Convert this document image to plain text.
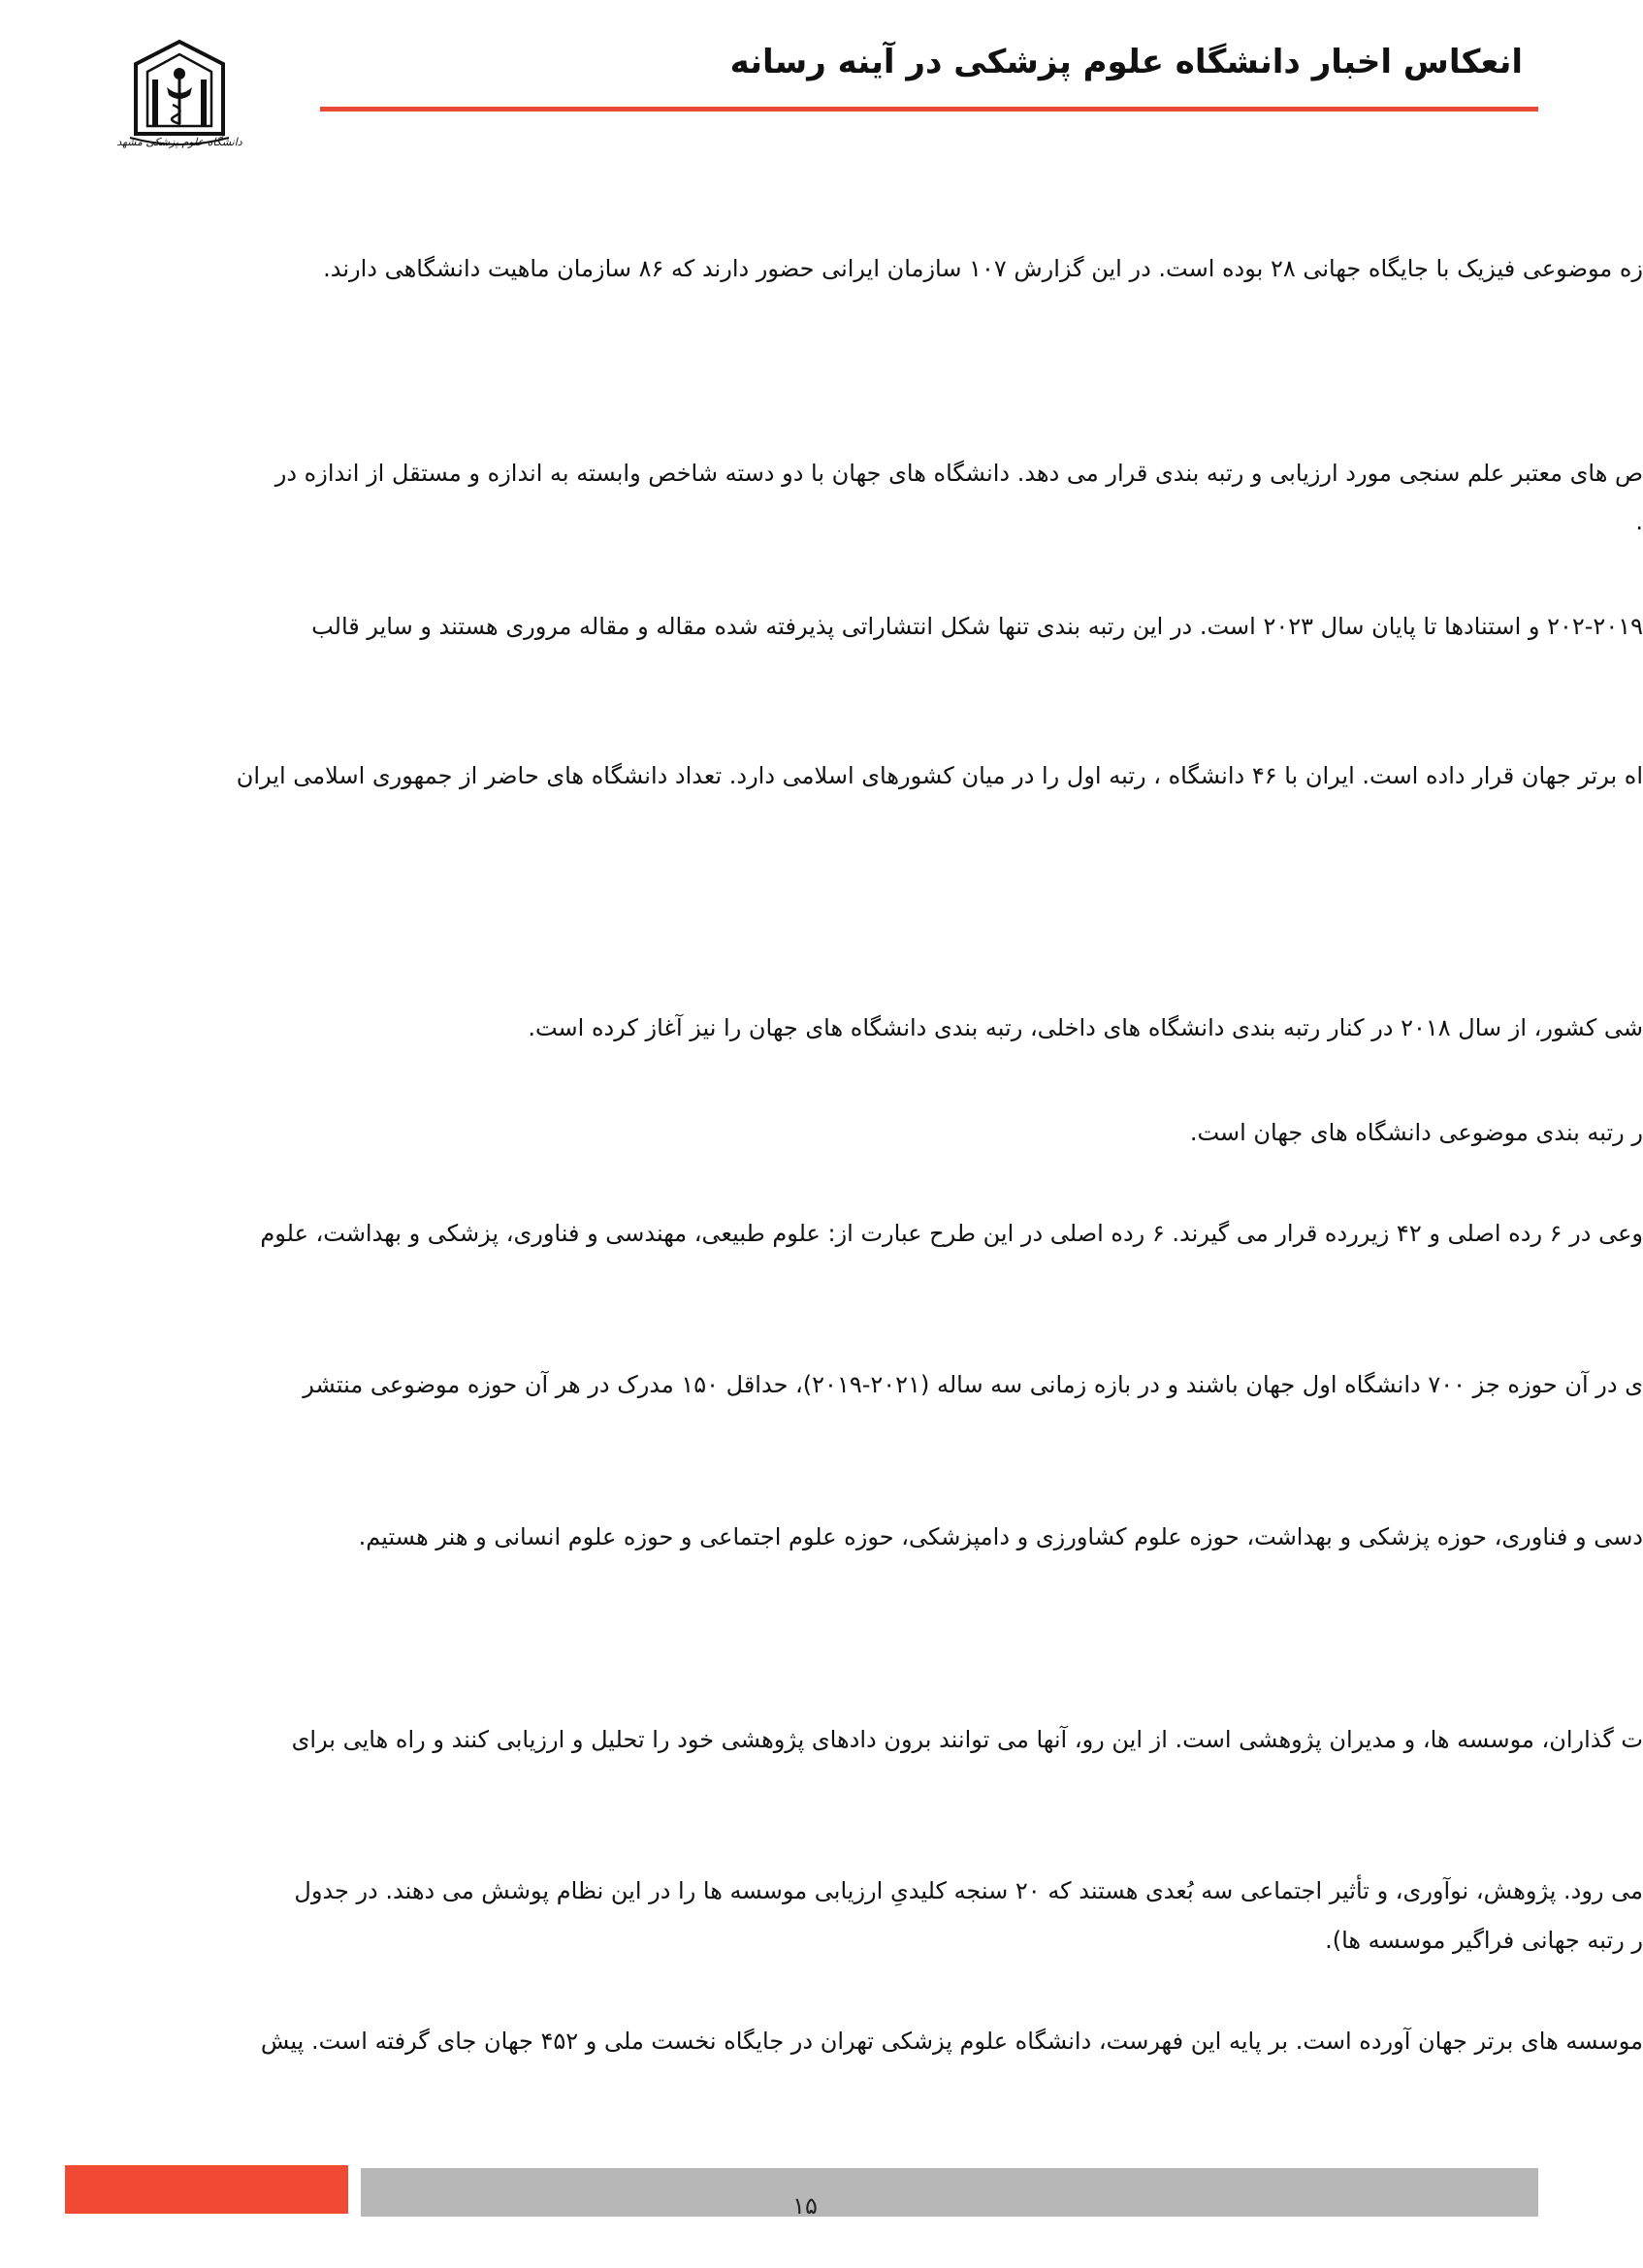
دانشگاه علوم پزشکی مشهد
انعکاس اخبار دانشگاه علوم پزشکی در آینه رسانه
زه موضوعی فیزیک با جایگاه جهانی ۲۸ بوده است. در این گزارش ۱۰۷ سازمان ایرانی حضور دارند که ۸۶ سازمان ماهیت دانشگاهی دارند.
ص های معتبر علم سنجی مورد ارزیابی و رتبه بندی قرار می دهد. دانشگاه های جهان با دو دسته شاخص وابسته به اندازه و مستقل از اندازه در
.
۲۰۲-۲۰۱۹ و استنادها تا پایان سال ۲۰۲۳ است. در این رتبه بندی تنها شکل انتشاراتی پذیرفته شده مقاله و مقاله مروری هستند و سایر قالب
اه برتر جهان قرار داده است. ایران با ۴۶ دانشگاه ، رتبه اول را در میان کشورهای اسلامی دارد. تعداد دانشگاه های حاضر از جمهوری اسلامی ایران
شی کشور، از سال ۲۰۱۸ در کنار رتبه بندی دانشگاه های داخلی، رتبه بندی دانشگاه های جهان را نیز آغاز کرده است.
ر رتبه بندی موضوعی دانشگاه های جهان است.
وعی در ۶ رده اصلی و ۴۲ زیررده قرار می گیرند. ۶ رده اصلی در این طرح عبارت از: علوم طبیعی، مهندسی و فناوری، پزشکی و بهداشت، علوم
ی در آن حوزه جز ۷۰۰ دانشگاه اول جهان باشند و در بازه زمانی سه ساله (۲۰۲۱-۲۰۱۹)، حداقل ۱۵۰ مدرک در هر آن حوزه موضوعی منتشر
دسی و فناوری، حوزه پزشکی و بهداشت، حوزه علوم کشاورزی و دامپزشکی، حوزه علوم اجتماعی و حوزه علوم انسانی و هنر هستیم.
ت گذاران، موسسه ها، و مدیران پژوهشی است. از این رو، آنها می توانند برون دادهای پژوهشی خود را تحلیل و ارزیابی کنند و راه هایی برای
می رود. پژوهش، نوآوری، و تأثیر اجتماعی سه بُعدی هستند که ۲۰ سنجه کلیدیِ ارزیابی موسسه ها را در این نظام پوشش می دهند. در جدول
ر رتبه جهانی فراگیر موسسه ها).
موسسه های برتر جهان آورده است. بر پایه این فهرست، دانشگاه علوم پزشکی تهران در جایگاه نخست ملی و ۴۵۲ جهان جای گرفته است. پیش
۱۵
